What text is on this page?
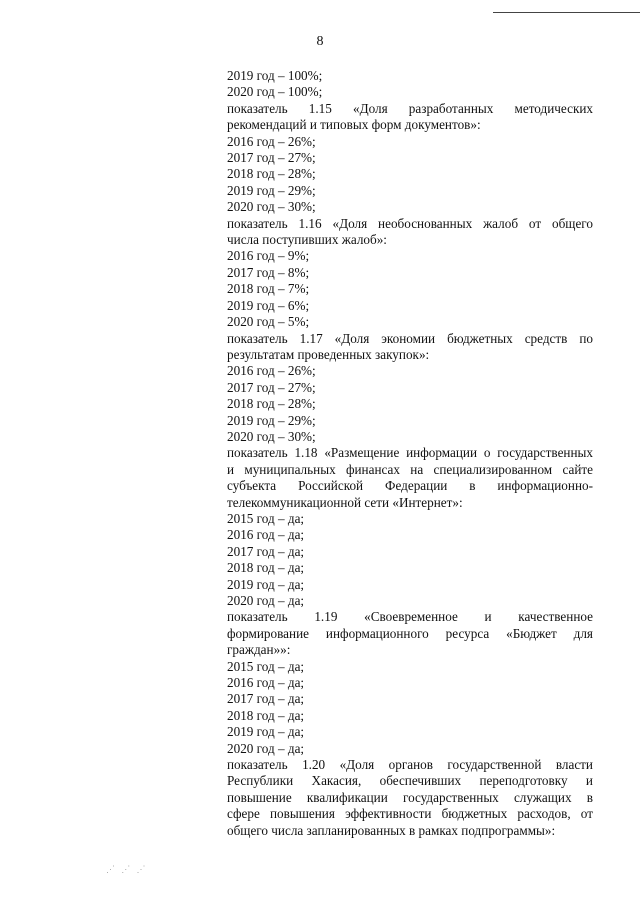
8
2019 год – 100%;
2020 год – 100%;
показатель 1.15 «Доля разработанных методических
рекомендаций и типовых форм документов»:
2016 год – 26%;
2017 год – 27%;
2018 год – 28%;
2019 год – 29%;
2020 год – 30%;
показатель 1.16 «Доля необоснованных жалоб от общего
числа поступивших жалоб»:
2016 год – 9%;
2017 год – 8%;
2018 год – 7%;
2019 год – 6%;
2020 год – 5%;
показатель 1.17 «Доля экономии бюджетных средств по
результатам проведенных закупок»:
2016 год – 26%;
2017 год – 27%;
2018 год – 28%;
2019 год – 29%;
2020 год – 30%;
показатель 1.18 «Размещение информации о государственных
и муниципальных финансах на специализированном сайте
субъекта Российской Федерации в информационно-
телекоммуникационной сети «Интернет»:
2015 год – да;
2016 год – да;
2017 год – да;
2018 год – да;
2019 год – да;
2020 год – да;
показатель 1.19 «Своевременное и качественное
формирование информационного ресурса «Бюджет для
граждан»»:
2015 год – да;
2016 год – да;
2017 год – да;
2018 год – да;
2019 год – да;
2020 год – да;
показатель 1.20 «Доля органов государственной власти
Республики Хакасия, обеспечивших переподготовку и
повышение квалификации государственных служащих в
сфере повышения эффективности бюджетных расходов, от
общего числа запланированных в рамках подпрограммы»:
⋰ ⋰ ⋰
